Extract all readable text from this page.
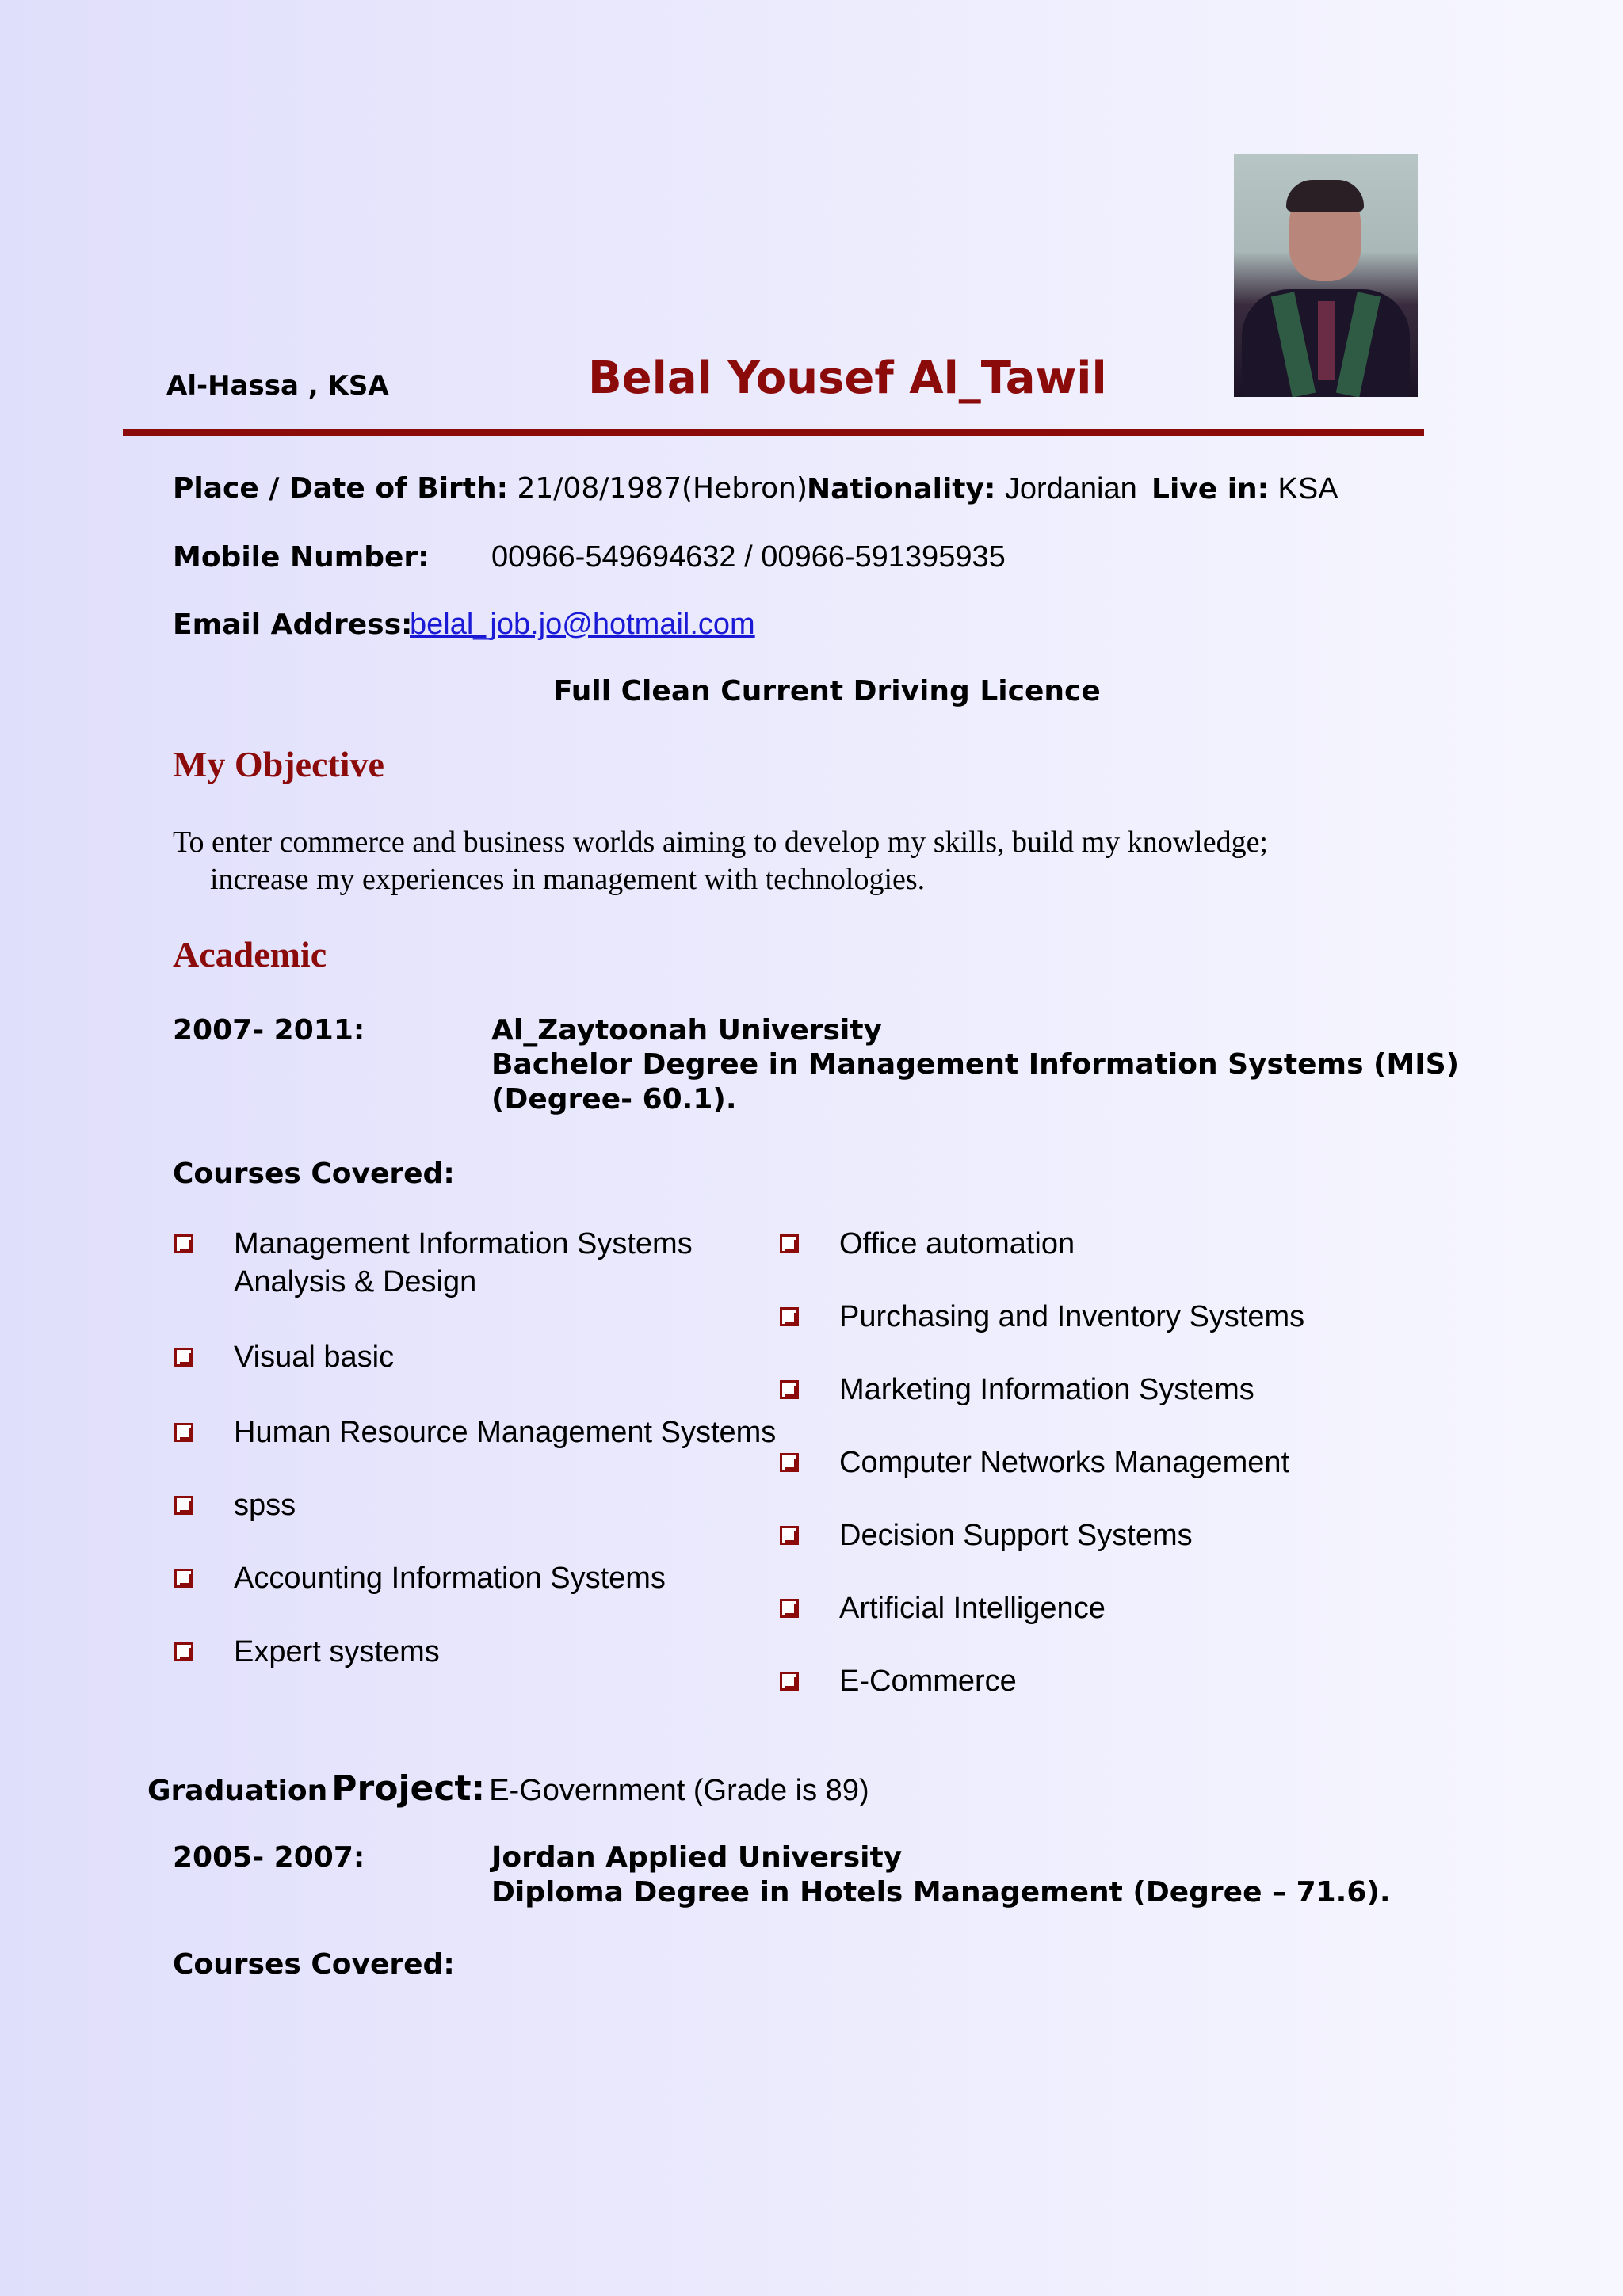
Al-Hassa , KSA	Belal Yousef Al_Tawil
Place / Date of Birth: 21/08/1987(Hebron) Nationality: Jordanian Live in: KSA
Mobile Number: 00966-549694632 / 00966-591395935
Email Address:
belal_job.jo@hotmail.com
Full Clean Current Driving Licence
My Objective
To enter commerce and business worlds aiming to develop my skills, build my knowledge;
increase my experiences in management with technologies.
Academic
2007- 2011:	Al_Zaytoonah University
Bachelor Degree in Management Information Systems (MIS)
(Degree- 60.1).
Courses Covered:
Management Information Systems
Analysis & Design
Visual basic
Human Resource Management Systems
spss
Accounting Information Systems
Expert systems
Office automation
Purchasing and Inventory Systems
Marketing Information Systems
Computer Networks Management
Decision Support Systems
Artificial Intelligence
E-Commerce
Graduation Project: E-Government (Grade is 89)
2005- 2007:	Jordan Applied University
Diploma Degree in Hotels Management (Degree – 71.6).
Courses Covered:
